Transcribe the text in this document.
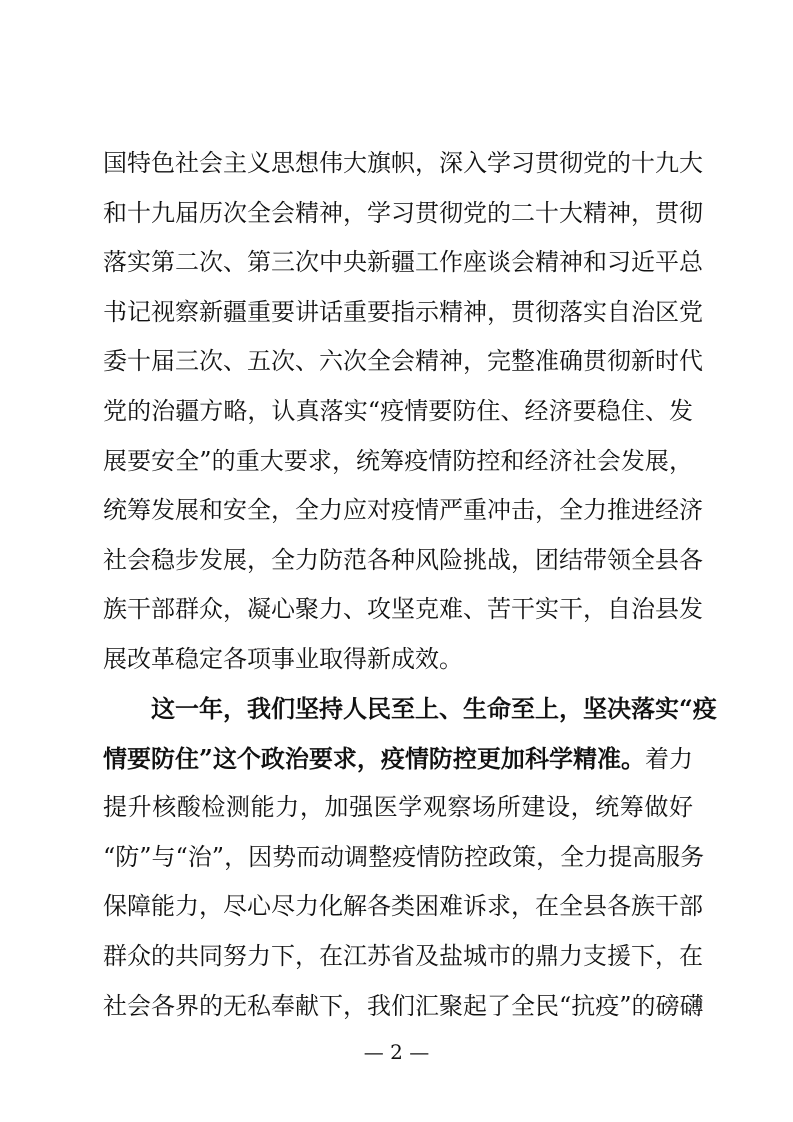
国特色社会主义思想伟大旗帜，深入学习贯彻党的十九大
和十九届历次全会精神，学习贯彻党的二十大精神，贯彻
落实第二次、第三次中央新疆工作座谈会精神和习近平总
书记视察新疆重要讲话重要指示精神，贯彻落实自治区党
委十届三次、五次、六次全会精神，完整准确贯彻新时代
党的治疆方略，认真落实“疫情要防住、经济要稳住、发
展要安全”的重大要求，统筹疫情防控和经济社会发展，
统筹发展和安全，全力应对疫情严重冲击，全力推进经济
社会稳步发展，全力防范各种风险挑战，团结带领全县各
族干部群众，凝心聚力、攻坚克难、苦干实干，自治县发
展改革稳定各项事业取得新成效。
这一年，我们坚持人民至上、生命至上，坚决落实“疫
情要防住”这个政治要求，疫情防控更加科学精准。着力
提升核酸检测能力，加强医学观察场所建设，统筹做好
“防”与“治”，因势而动调整疫情防控政策，全力提高服务
保障能力，尽心尽力化解各类困难诉求，在全县各族干部
群众的共同努力下，在江苏省及盐城市的鼎力支援下，在
社会各界的无私奉献下，我们汇聚起了全民“抗疫”的磅礴
— 2 —
